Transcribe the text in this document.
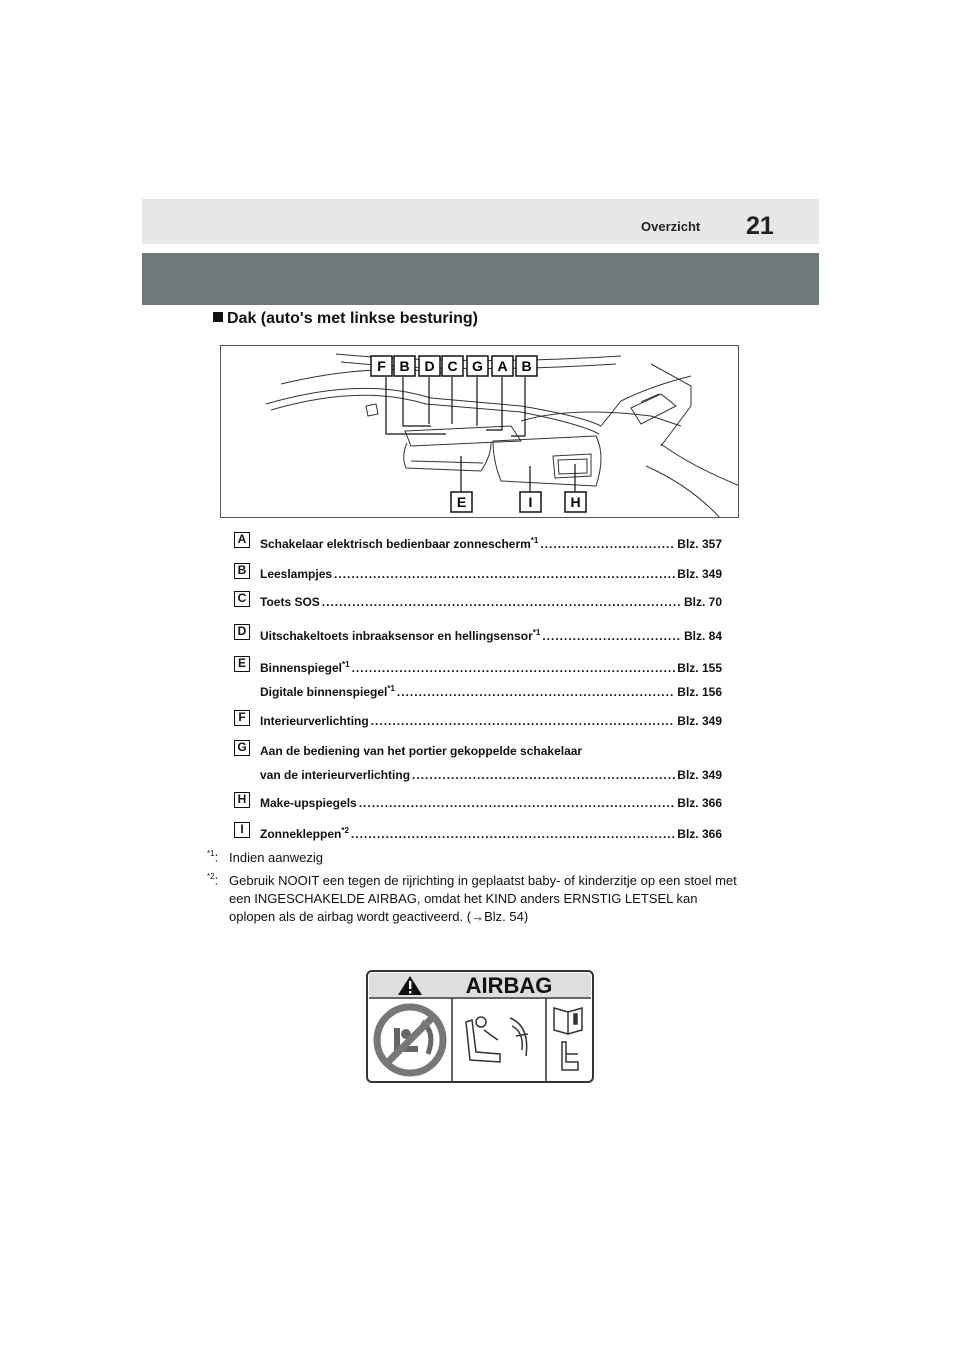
Overzicht 21
Dak (auto's met linkse besturing)
F B D C G A B
E	I	H
A	Schakelaar elektrisch bedienbaar zonnescherm$^{*1}$ .....	Blz. 357
B	Leeslampjes .....	Blz. 349
C	Toets SOS .....	Blz. 70
D	Uitschakeltoets inbraaksensor en hellingsensor$^{*1}$ .....	Blz. 84
E	Binnenspiegel$^{*1}$ .....	Blz. 155
Digitale binnenspiegel$^{*1}$ .....	Blz. 156
F	Interieurverlichting .....	Blz. 349
G Aan de bediening van het portier gekoppelde schakelaar
van de interieurverlichting .....	Blz. 349
H	Make-upspiegels .....	Blz. 366
I	Zonnekleppen$^{*2}$ .....	Blz. 366
$^{*1}$: Indien aanwezig
$^{*2}$: Gebruik NOOIT een tegen de rijrichting in geplaatst baby- of kinderzitje op een stoel met een INGESCHAKELDE AIRBAG, omdat het KIND anders ERNSTIG LETSEL kan oplopen als de airbag wordt geactiveerd. (→Blz. 54)
AIRBAG
